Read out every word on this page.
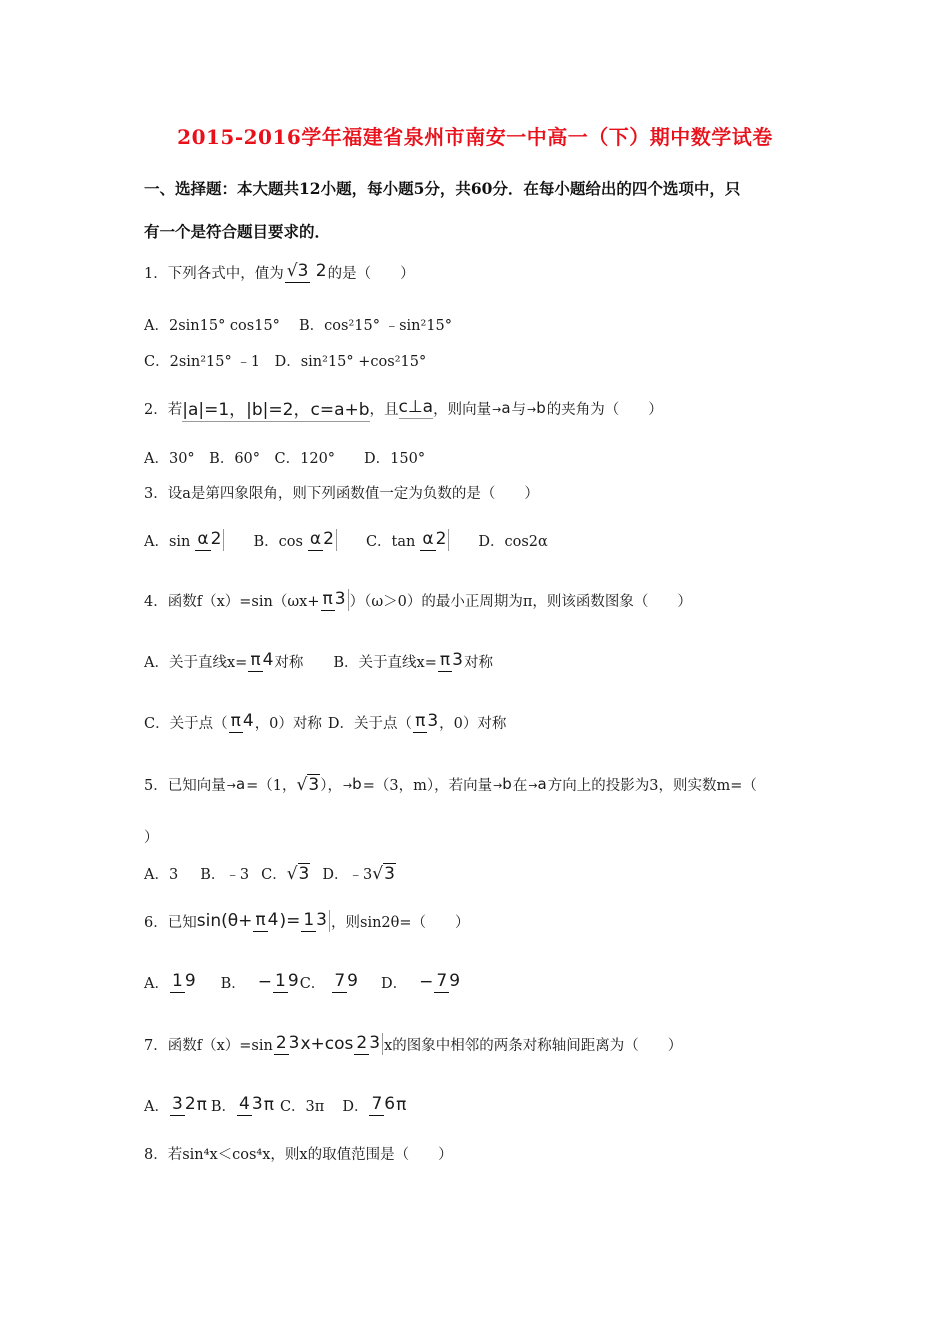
2015-2016学年福建省泉州市南安一中高一（下）期中数学试卷
一、选择题：本大题共12小题，每小题5分，共60分．在每小题给出的四个选项中，只
有一个是符合题目要求的．
1．下列各式中，值为 √3 2 的是（　　）
A．2sin15° cos15°　 B．cos²15° ﹣sin²15°
C．2sin²15° ﹣1　D．sin²15° +cos²15°
2．若 |a|=1，|b|=2，c=a+b ，且 c⊥a ，则向量 →a 与 →b 的夹角为（　　）
A．30°　B．60°　C．120°　　D．150°
3．设a是第四象限角，则下列函数值一定为负数的是（　　）
A．sin α 2 B．cos α 2 C．tan α 2 D．cos2α
4．函数f（x）=sin（ωx+ π 3 ）（ω＞0）的最小正周期为π，则该函数图象（　　）
A．关于直线x= π 4 对称 B．关于直线x= π 3 对称
C．关于点（ π 4 ，0）对称 D．关于点（ π 3 ，0）对称
5．已知向量 →a =（1， √3 ）， →b =（3，m），若向量 →b 在 →a 方向上的投影为3，则实数m=（
）
A．3 B．﹣3 C． √3 D．﹣3 √3
6．已知 sin(θ+ π 4 )= 1 3 ，则sin2θ=（　　）
A． 1 9 B． − 1 9 C． 7 9 D． − 7 9
7．函数f（x）=sin 2 3 x+cos 2 3 x的图象中相邻的两条对称轴间距离为（　　）
A． 3 2 π B． 4 3 π C．3π D． 7 6 π
8．若sin⁴x＜cos⁴x，则x的取值范围是（　　）
